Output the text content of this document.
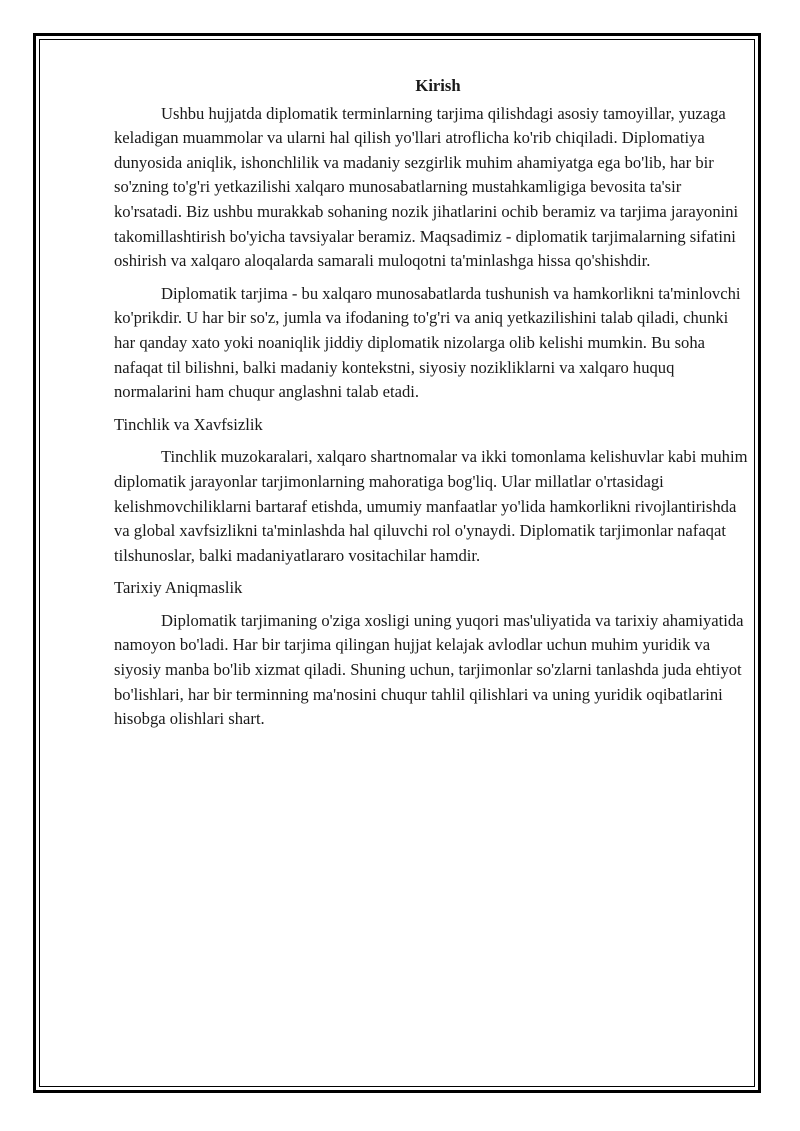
Kirish

Ushbu hujjatda diplomatik terminlarning tarjima qilishdagi asosiy tamoyillar, yuzaga keladigan muammolar va ularni hal qilish yo'llari atroflicha ko'rib chiqiladi. Diplomatiya dunyosida aniqlik, ishonchlilik va madaniy sezgirlik muhim ahamiyatga ega bo'lib, har bir so'zning to'g'ri yetkazilishi xalqaro munosabatlarning mustahkamligiga bevosita ta'sir ko'rsatadi. Biz ushbu murakkab sohaning nozik jihatlarini ochib beramiz va tarjima jarayonini takomillashtirish bo'yicha tavsiyalar beramiz. Maqsadimiz - diplomatik tarjimalarning sifatini oshirish va xalqaro aloqalarda samarali muloqotni ta'minlashga hissa qo'shishdir.

Diplomatik tarjima - bu xalqaro munosabatlarda tushunish va hamkorlikni ta'minlovchi ko'prikdir. U har bir so'z, jumla va ifodaning to'g'ri va aniq yetkazilishini talab qiladi, chunki har qanday xato yoki noaniqlik jiddiy diplomatik nizolarga olib kelishi mumkin. Bu soha nafaqat til bilishni, balki madaniy kontekstni, siyosiy nozikliklarni va xalqaro huquq normalarini ham chuqur anglashni talab etadi.

Tinchlik va Xavfsizlik

Tinchlik muzokaralari, xalqaro shartnomalar va ikki tomonlama kelishuvlar kabi muhim diplomatik jarayonlar tarjimonlarning mahoratiga bog'liq. Ular millatlar o'rtasidagi kelishmovchiliklarni bartaraf etishda, umumiy manfaatlar yo'lida hamkorlikni rivojlantirishda va global xavfsizlikni ta'minlashda hal qiluvchi rol o'ynaydi. Diplomatik tarjimonlar nafaqat tilshunoslar, balki madaniyatlararo vositachilar hamdir.

Tarixiy Aniqmaslik

Diplomatik tarjimaning o'ziga xosligi uning yuqori mas'uliyatida va tarixiy ahamiyatida namoyon bo'ladi. Har bir tarjima qilingan hujjat kelajak avlodlar uchun muhim yuridik va siyosiy manba bo'lib xizmat qiladi. Shuning uchun, tarjimonlar so'zlarni tanlashda juda ehtiyot bo'lishlari, har bir terminning ma'nosini chuqur tahlil qilishlari va uning yuridik oqibatlarini hisobga olishlari shart.
